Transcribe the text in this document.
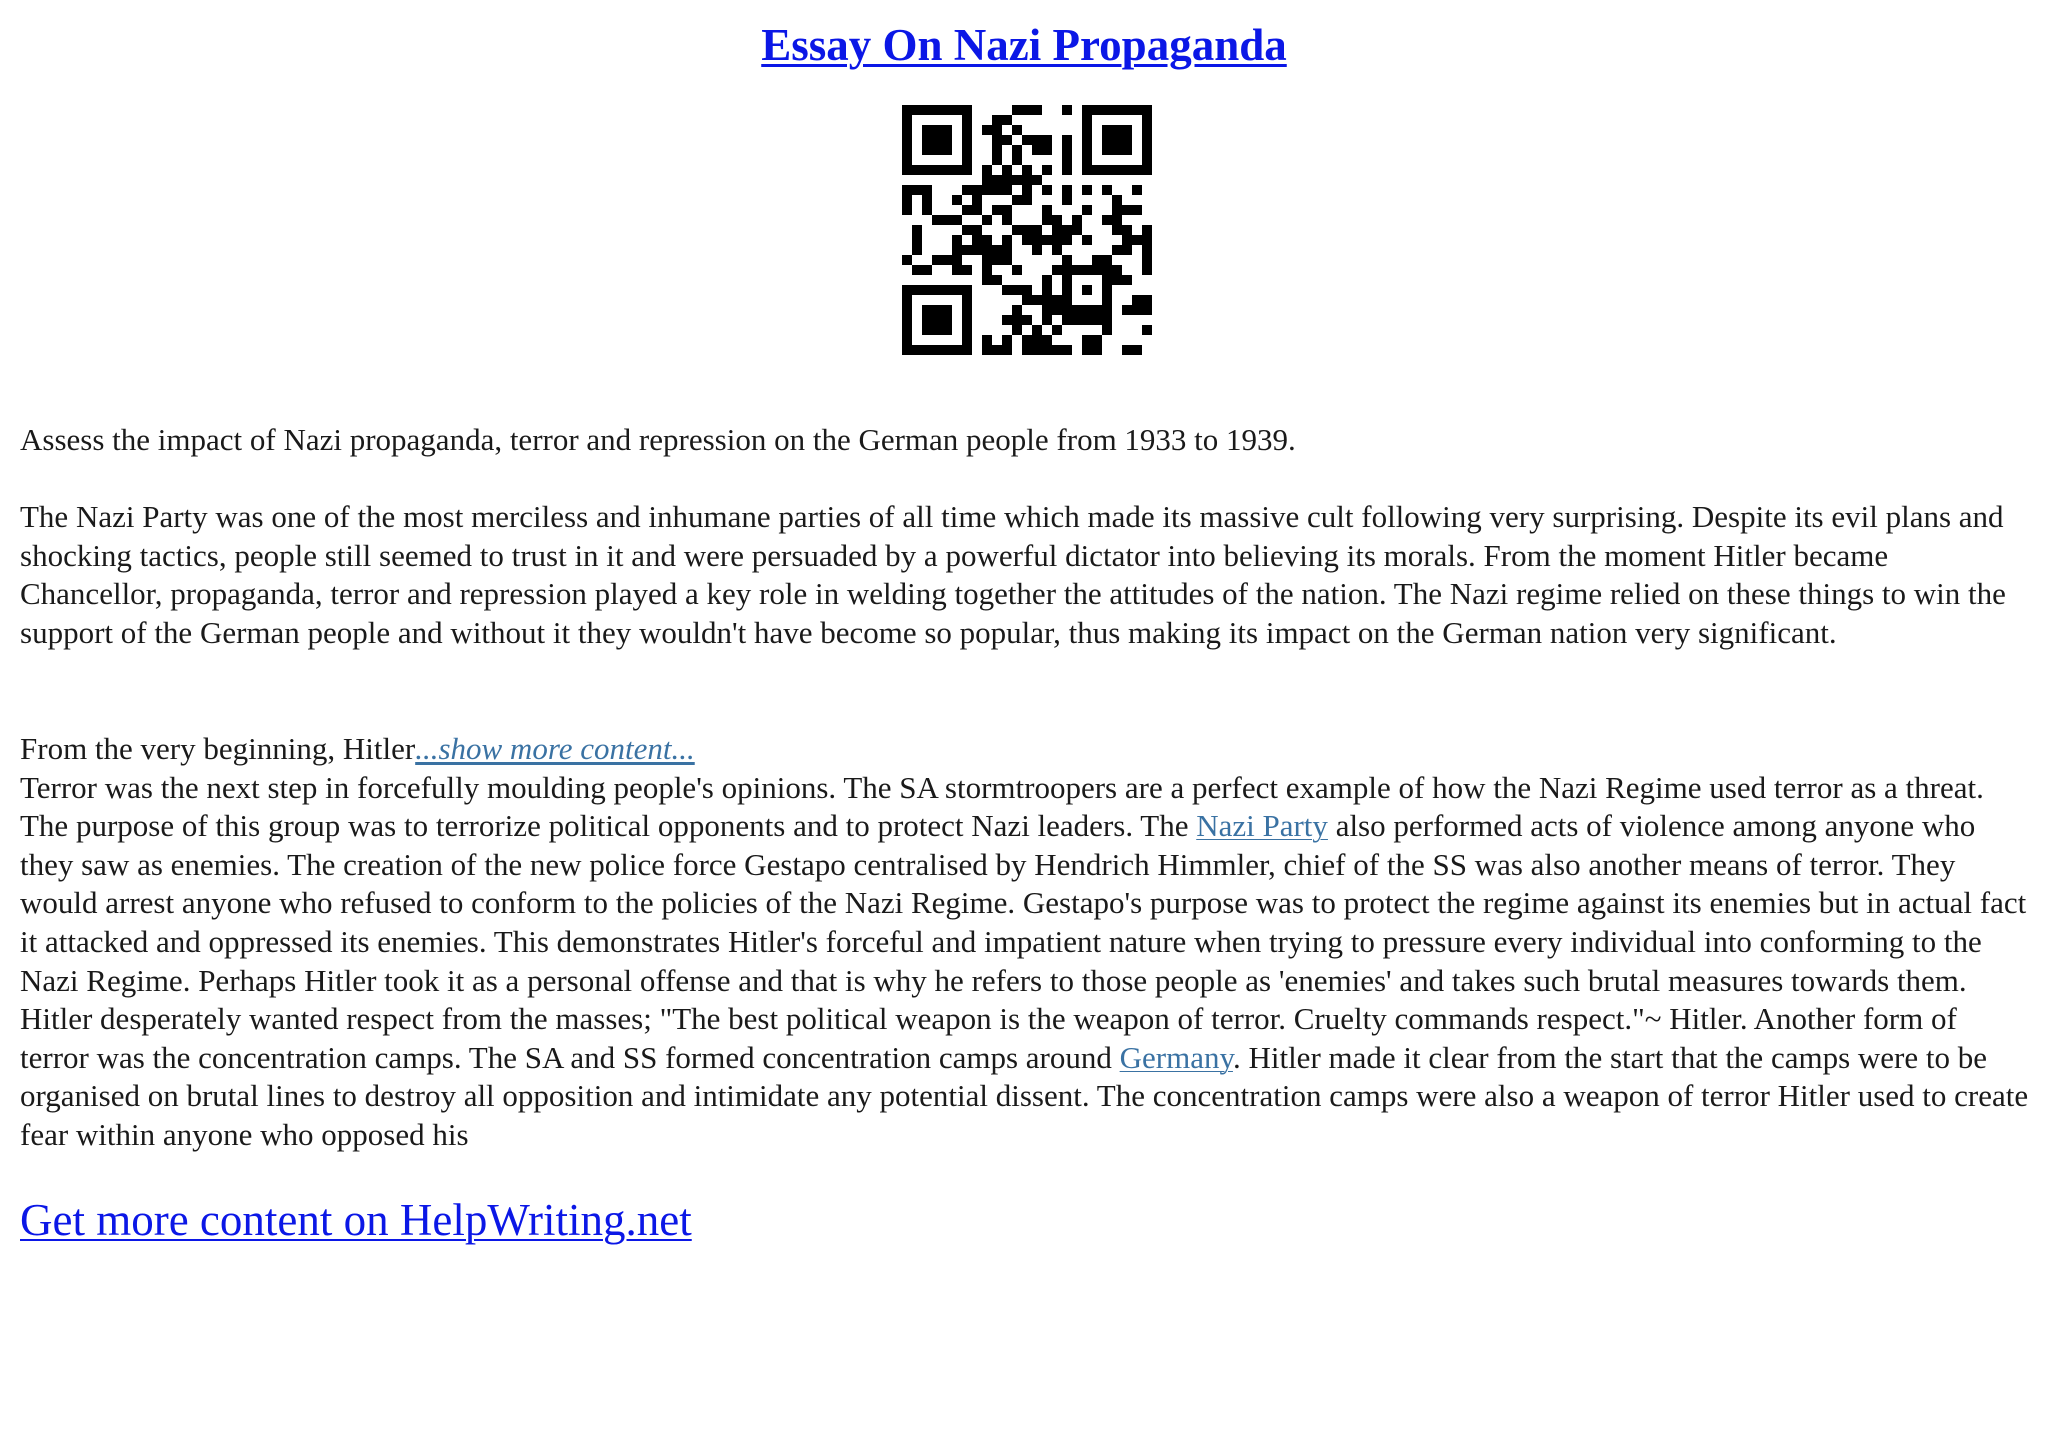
Essay On Nazi Propaganda

Assess the impact of Nazi propaganda, terror and repression on the German people from 1933 to 1939.

The Nazi Party was one of the most merciless and inhumane parties of all time which made its massive cult following very surprising. Despite its evil plans and shocking tactics, people still seemed to trust in it and were persuaded by a powerful dictator into believing its morals. From the moment Hitler became Chancellor, propaganda, terror and repression played a key role in welding together the attitudes of the nation. The Nazi regime relied on these things to win the support of the German people and without it they wouldn't have become so popular, thus making its impact on the German nation very significant.

From the very beginning, Hitler...show more content...
Terror was the next step in forcefully moulding people's opinions. The SA stormtroopers are a perfect example of how the Nazi Regime used terror as a threat. The purpose of this group was to terrorize political opponents and to protect Nazi leaders. The Nazi Party also performed acts of violence among anyone who they saw as enemies. The creation of the new police force Gestapo centralised by Hendrich Himmler, chief of the SS was also another means of terror. They would arrest anyone who refused to conform to the policies of the Nazi Regime. Gestapo's purpose was to protect the regime against its enemies but in actual fact it attacked and oppressed its enemies. This demonstrates Hitler's forceful and impatient nature when trying to pressure every individual into conforming to the Nazi Regime. Perhaps Hitler took it as a personal offense and that is why he refers to those people as 'enemies' and takes such brutal measures towards them. Hitler desperately wanted respect from the masses; "The best political weapon is the weapon of terror. Cruelty commands respect."~ Hitler. Another form of terror was the concentration camps. The SA and SS formed concentration camps around Germany. Hitler made it clear from the start that the camps were to be organised on brutal lines to destroy all opposition and intimidate any potential dissent. The concentration camps were also a weapon of terror Hitler used to create fear within anyone who opposed his

Get more content on HelpWriting.net
